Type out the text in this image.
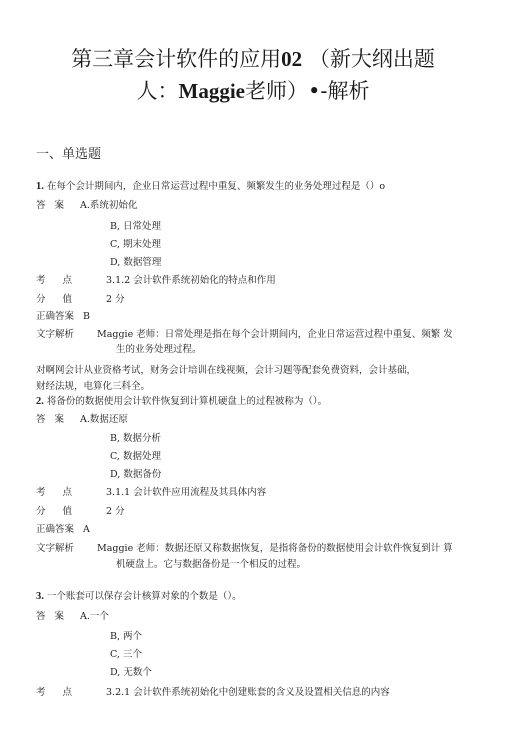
第三章会计软件的应用02 （新大纲出题
人：Maggie老师）•-解析
一、单选题
1. 在每个会计期间内，企业日常运营过程中重复、频繁发生的业务处理过程是（）o
答案 A.系统初始化
B, 日常处理
C, 期末处理
D, 数据管理
考点 3.1.2 会计软件系统初始化的特点和作用
分值 2 分
正确答案 B
文字解析 Maggie 老师：日常处理是指在每个会计期间内，企业日常运营过程中重复、频繁 发
生的业务处理过程。
对啊网会计从业资格考试，财务会计培训在线视频，会计习题等配套免费资料，会计基础，
财经法规，电算化三科全。
2. 将备份的数据使用会计软件恢复到计算机硬盘上的过程被称为（）。
答案 A.数据还原
B, 数据分析
C, 数据处理
D, 数据备份
考点 3.1.1 会计软件应用流程及其具体内容
分值 2 分
正确答案 A
文字解析 Maggie 老师：数据还原又称数据恢复，是指将备份的数据使用会计软件恢复到计 算
机硬盘上。它与数据备份是一个相反的过程。
3. 一个账套可以保存会计核算对象的个数是（）。
答案 A.一个
B, 两个
C, 三个
D, 无数个
考点 3.2.1 会计软件系统初始化中创建账套的含义及设置相关信息的内容
